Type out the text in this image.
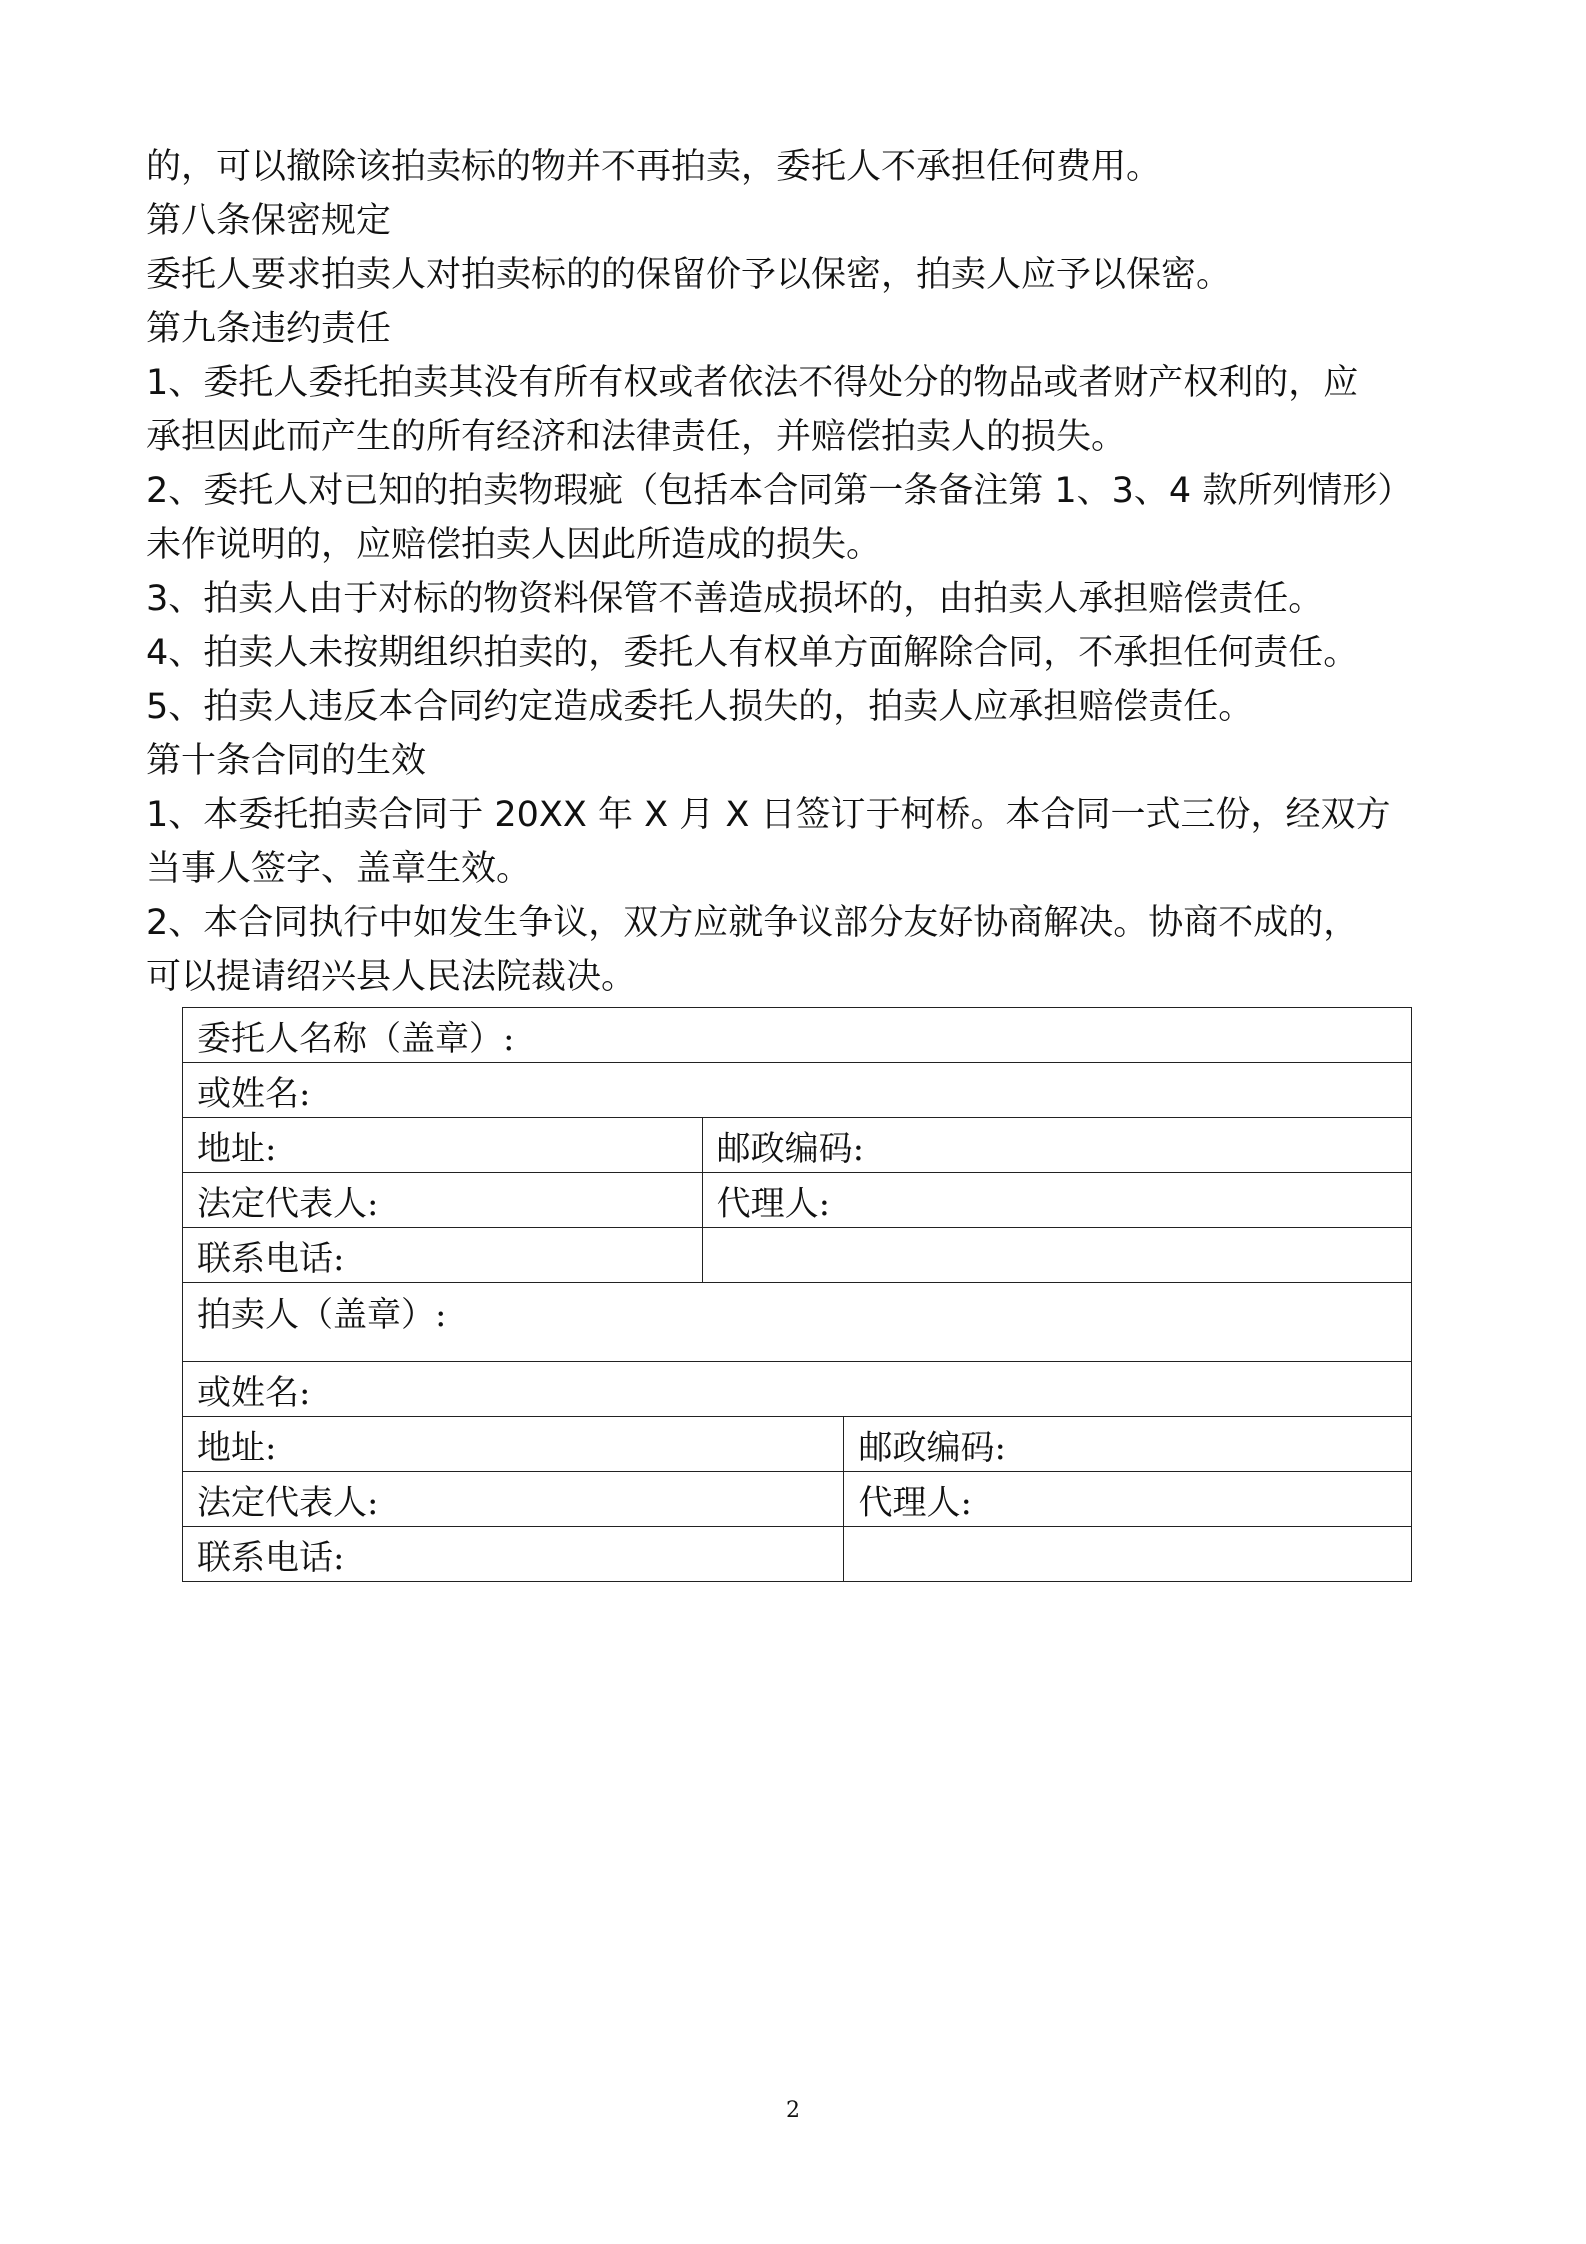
的，可以撤除该拍卖标的物并不再拍卖，委托人不承担任何费用。

第八条保密规定

委托人要求拍卖人对拍卖标的的保留价予以保密，拍卖人应予以保密。

第九条违约责任

1、委托人委托拍卖其没有所有权或者依法不得处分的物品或者财产权利的，应

承担因此而产生的所有经济和法律责任，并赔偿拍卖人的损失。

2、委托人对已知的拍卖物瑕疵（包括本合同第一条备注第 1、3、4 款所列情形）

未作说明的，应赔偿拍卖人因此所造成的损失。

3、拍卖人由于对标的物资料保管不善造成损坏的，由拍卖人承担赔偿责任。

4、拍卖人未按期组织拍卖的，委托人有权单方面解除合同，不承担任何责任。

5、拍卖人违反本合同约定造成委托人损失的，拍卖人应承担赔偿责任。

第十条合同的生效

1、本委托拍卖合同于 20XX 年 X 月 X 日签订于柯桥。本合同一式三份，经双方

当事人签字、盖章生效。

2、本合同执行中如发生争议，双方应就争议部分友好协商解决。协商不成的，

可以提请绍兴县人民法院裁决。

委托人名称（盖章）:		
或姓名:		
地址:	邮政编码:	
法定代表人:	代理人:	
联系电话:		
拍卖人（盖章）:		
或姓名:		
地址:		邮政编码:
法定代表人:		代理人:
联系电话:		
2
